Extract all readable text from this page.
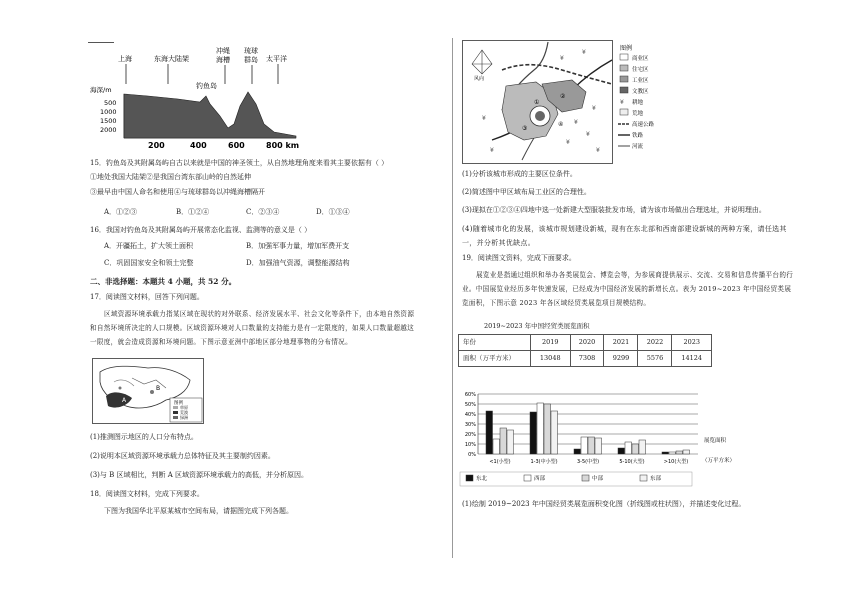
上海	东海大陆架
冲绳
海槽
琉球
群岛 太平洋
钓鱼岛
海深/m
500
1000
1500
2000
200	400	600	800 km
15．钓鱼岛及其附属岛屿自古以来就是中国的神圣领土，从自然地理角度来看其主要依据有（ ）
①地处我国大陆架②是我国台湾东部山岭的自然延伸
③最早由中国人命名和使用④与琉球群岛以冲绳海槽隔开
A．①②③	B．①②④	C．②③④	D．①③④
16．我国对钓鱼岛及其附属岛屿开展常态化监视、监测等的意义是（ ）
A．开疆拓土，扩大领土面积	B．加强军事力量，增加军费开支
C．巩固国家安全和领土完整	D．加强油气资源，调整能源结构
二、非选择题：本题共 4 小题，共 52 分。
17．阅读图文材料，回答下列问题。
区域资源环境承载力指某区域在现状的对外联系、经济发展水平、社会文化等条件下，由本地自然资源和自然环境所决定的人口规模。区域资源环境对人口数量的支持能力是有一定限度的，如果人口数量超越这一限度，就会造成资源和环境问题。下图示意亚洲中部地区部分地理事物的分布情况。
A
B
图例
草原
荒漠
绿洲
(1)推测图示地区的人口分布特点。
(2)说明本区域资源环境承载力总体特征及其主要制约因素。
(3)与 B 区域相比，判断 A 区域资源环境承载力的高低，并分析原因。
18．阅读图文材料，完成下列要求。
下图为我国华北平原某城市空间布局，请据图完成下列各题。
风向
¥
¥
¥
¥
¥
¥	¥
¥
¥
①
②
③
④
图例
商业区
住宅区
工业区
文教区
¥ 耕地
荒地
高速公路
铁路
河流
(1)分析该城市形成的主要区位条件。
(2)简述图中甲区域布局工业区的合理性。
(3)现拟在①②③④四地中选一处新建大型服装批发市场，请为该市场做出合理选址，并说明理由。
(4)随着城市化的发展，该城市规划建设新城，现有在东北部和西南部建设新城的两种方案，请任选其一，并分析其优缺点。
19．阅读图文资料，完成下面要求。
展览业是指通过组织和举办各类展览会、博览会等，为参展商提供展示、交流、交易和信息传播平台的行业。中国展览业经历多年快速发展，已经成为中国经济发展的新增长点。表为 2019~2023 年中国经贸类展览面积，下图示意 2023 年各区域经贸类展览项目规模结构。
2019~2023 年中国经贸类展览面积
年份	2019	2020	2021	2022	2023
面积（万平方米）	13048	7308	9299	5576	14124
0%
10%
20%
30%
40%
50%
60%
<1(小型)	1-3(中小型)	3-5(中型)	5-10(大型)	>10(大型)
展览面积
（万平方米）
东北	西部	中部	东部
(1)绘制 2019~2023 年中国经贸类展览面积变化图（折线图或柱状图），并描述变化过程。
